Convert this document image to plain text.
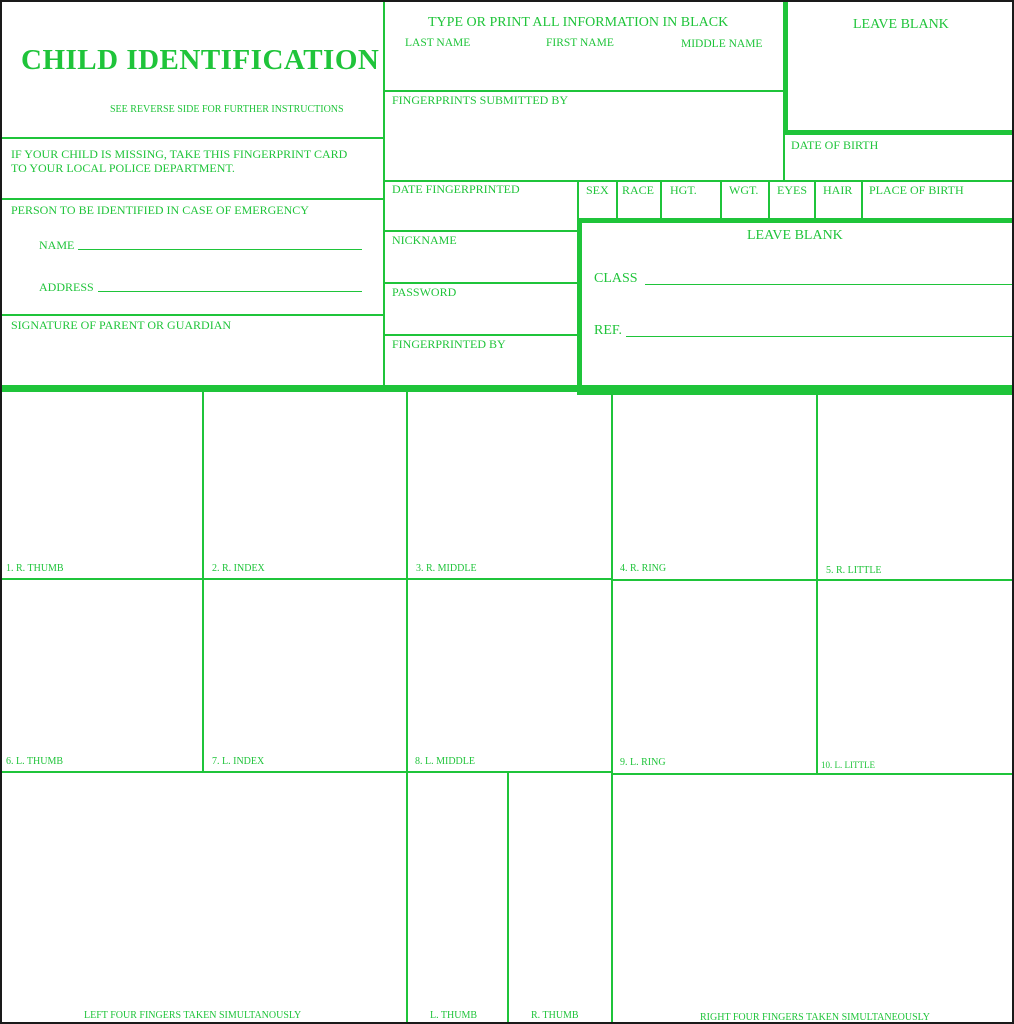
CHILD IDENTIFICATION
SEE REVERSE SIDE FOR FURTHER INSTRUCTIONS
IF YOUR CHILD IS MISSING, TAKE THIS FINGERPRINT CARD
TO YOUR LOCAL POLICE DEPARTMENT.
PERSON TO BE IDENTIFIED IN CASE OF EMERGENCY
NAME
ADDRESS
SIGNATURE OF PARENT OR GUARDIAN
TYPE OR PRINT ALL INFORMATION IN BLACK
LAST NAME	FIRST NAME	MIDDLE NAME
FINGERPRINTS SUBMITTED BY
LEAVE BLANK
DATE OF BIRTH
DATE FINGERPRINTED	SEX RACE HGT.	WGT. EYES HAIR PLACE OF BIRTH
NICKNAME
PASSWORD
FINGERPRINTED BY
LEAVE BLANK
CLASS
REF.
1. R. THUMB	2. R. INDEX	3. R. MIDDLE	4. R. RING	5. R. LITTLE
6. L. THUMB	7. L. INDEX	8. L. MIDDLE	9. L. RING	10. L. LITTLE
LEFT FOUR FINGERS TAKEN SIMULTANOUSLY	L. THUMB	R. THUMB	RIGHT FOUR FINGERS TAKEN SIMULTANEOUSLY
